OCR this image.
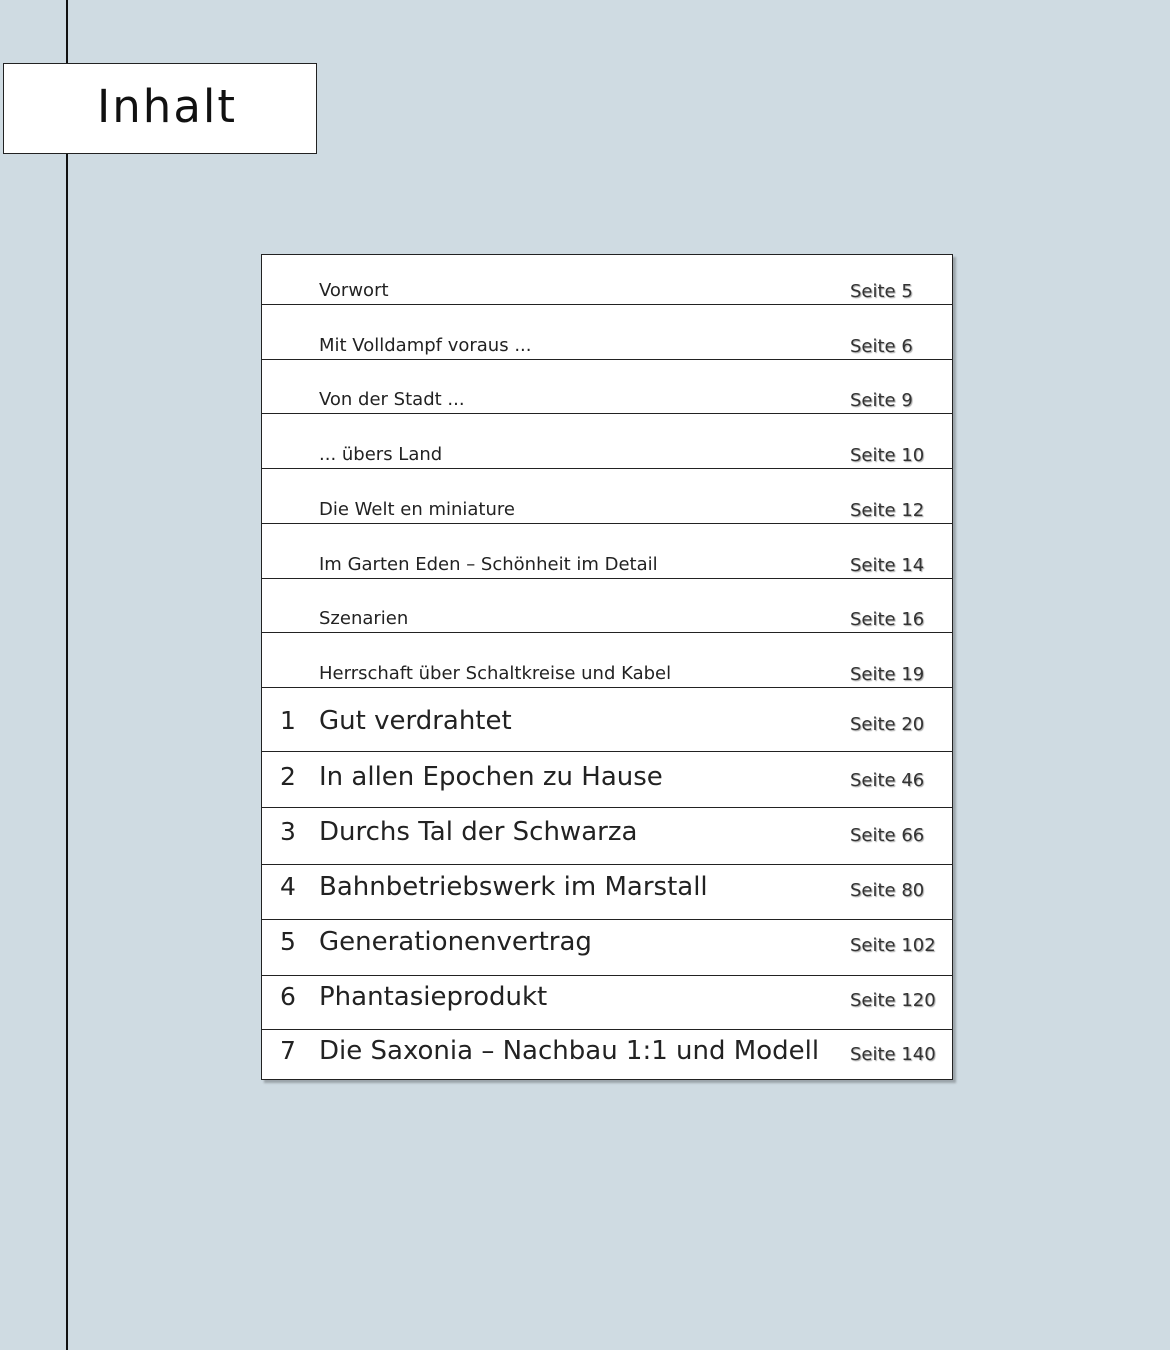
Inhalt
Vorwort	Seite 5
Mit Volldampf voraus ...	Seite 6
Von der Stadt ...	Seite 9
... übers Land	Seite 10
Die Welt en miniature	Seite 12
Im Garten Eden – Schönheit im Detail	Seite 14
Szenarien	Seite 16
Herrschaft über Schaltkreise und Kabel	Seite 19
1 Gut verdrahtet	Seite 20
2 In allen Epochen zu Hause	Seite 46
3 Durchs Tal der Schwarza	Seite 66
4 Bahnbetriebswerk im Marstall	Seite 80
5 Generationenvertrag	Seite 102
6 Phantasieprodukt	Seite 120
7 Die Saxonia – Nachbau 1:1 und Modell Seite 140
